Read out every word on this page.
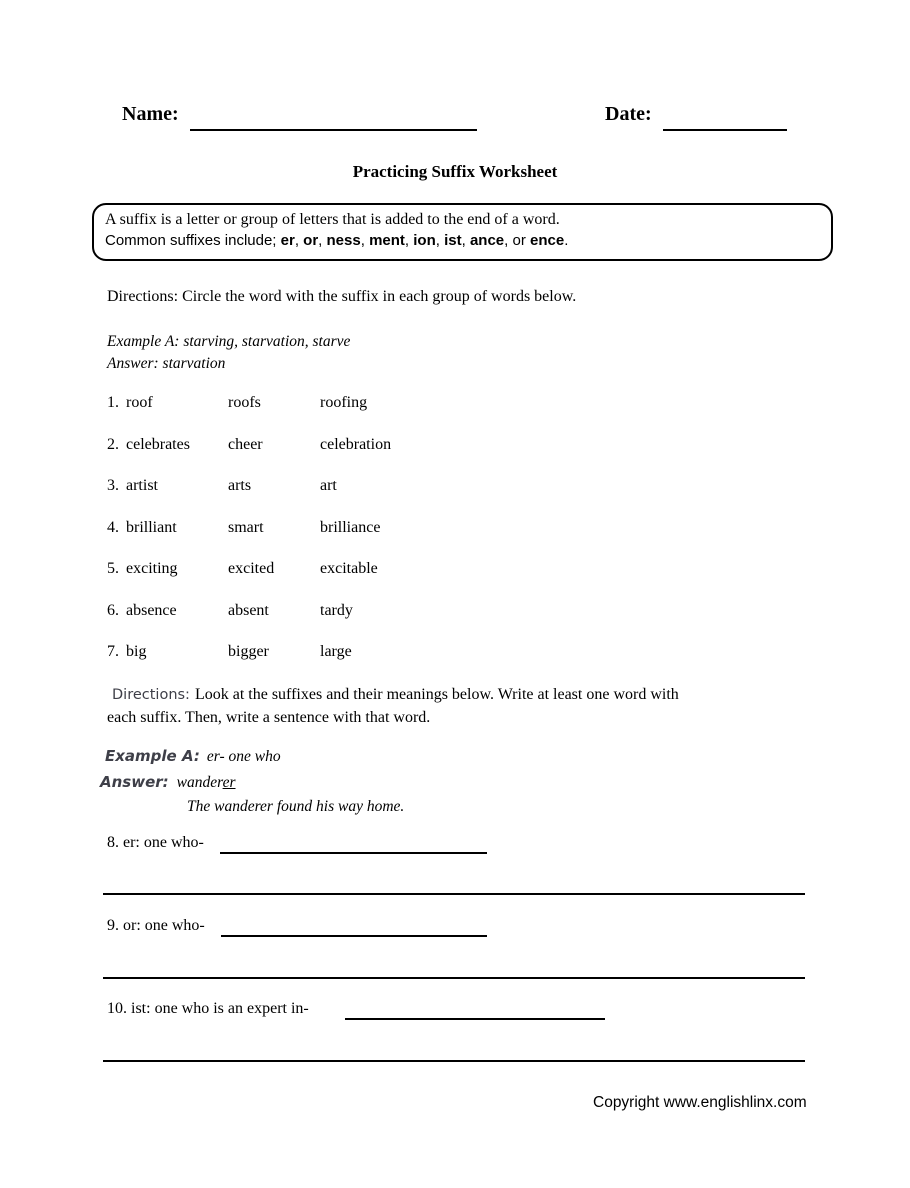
Name:	Date:
Practicing Suffix Worksheet
A suffix is a letter or group of letters that is added to the end of a word.
Common suffixes include; er, or, ness, ment, ion, ist, ance, or ence.
Directions: Circle the word with the suffix in each group of words below.
Example A: starving, starvation, starve
Answer: starvation
1. roof	roofs	roofing
2. celebrates	cheer	celebration
3. artist	arts	art
4. brilliant	smart	brilliance
5. exciting	excited	excitable
6. absence	absent	tardy
7. big	bigger	large
Directions: Look at the suffixes and their meanings below. Write at least one word with
each suffix. Then, write a sentence with that word.
Example A: er- one who
Answer: wanderer
The wanderer found his way home.
8. er: one who-
9. or: one who-
10. ist: one who is an expert in-
Copyright www.englishlinx.com
